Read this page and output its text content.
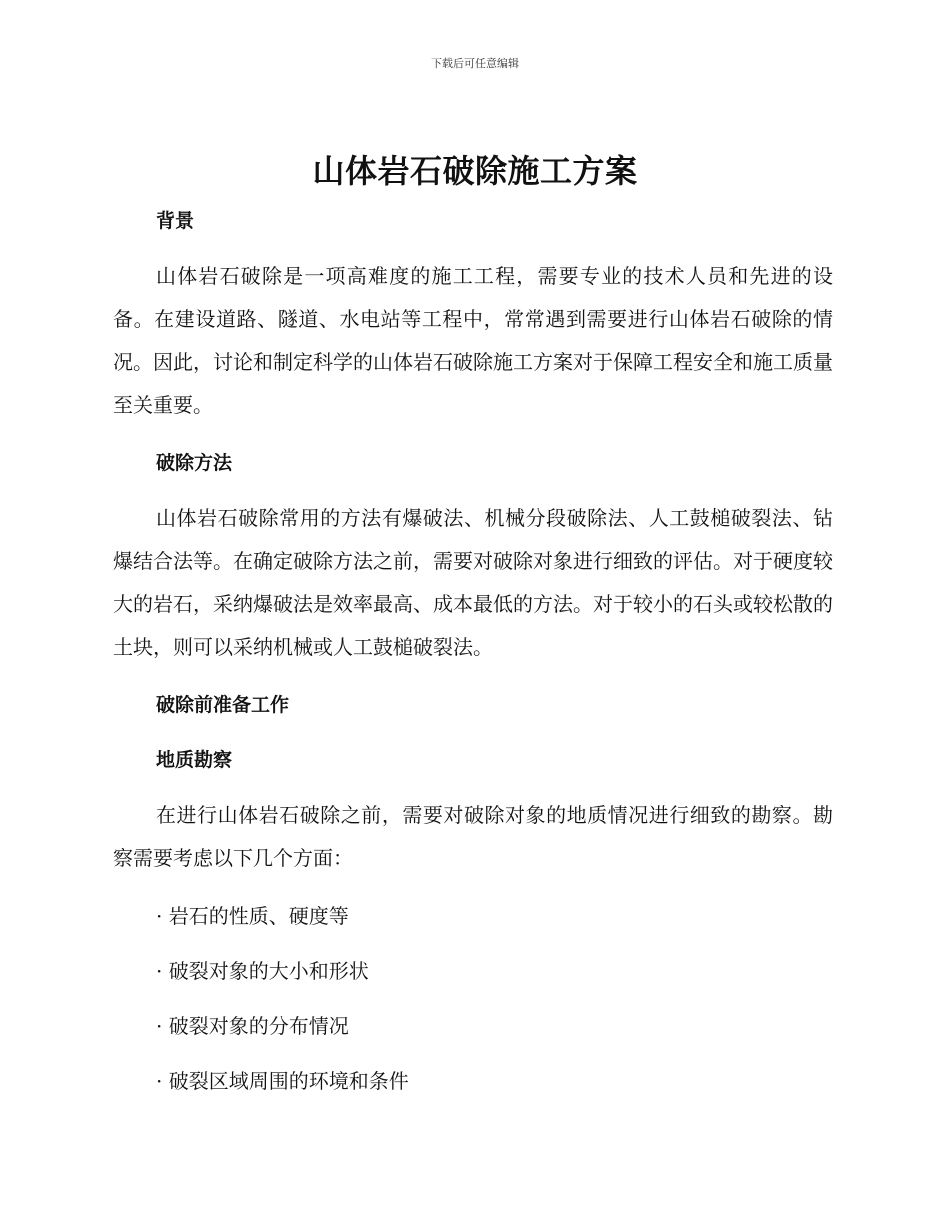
下载后可任意编辑
山体岩石破除施工方案
背景

山体岩石破除是一项高难度的施工工程，需要专业的技术人员和先进的设备。在建设道路、隧道、水电站等工程中，常常遇到需要进行山体岩石破除的情况。因此，讨论和制定科学的山体岩石破除施工方案对于保障工程安全和施工质量至关重要。

破除方法

山体岩石破除常用的方法有爆破法、机械分段破除法、人工鼓槌破裂法、钻爆结合法等。在确定破除方法之前，需要对破除对象进行细致的评估。对于硬度较大的岩石，采纳爆破法是效率最高、成本最低的方法。对于较小的石头或较松散的土块，则可以采纳机械或人工鼓槌破裂法。

破除前准备工作
地质勘察

在进行山体岩石破除之前，需要对破除对象的地质情况进行细致的勘察。勘察需要考虑以下几个方面：

· 岩石的性质、硬度等

· 破裂对象的大小和形状

· 破裂对象的分布情况

· 破裂区域周围的环境和条件
